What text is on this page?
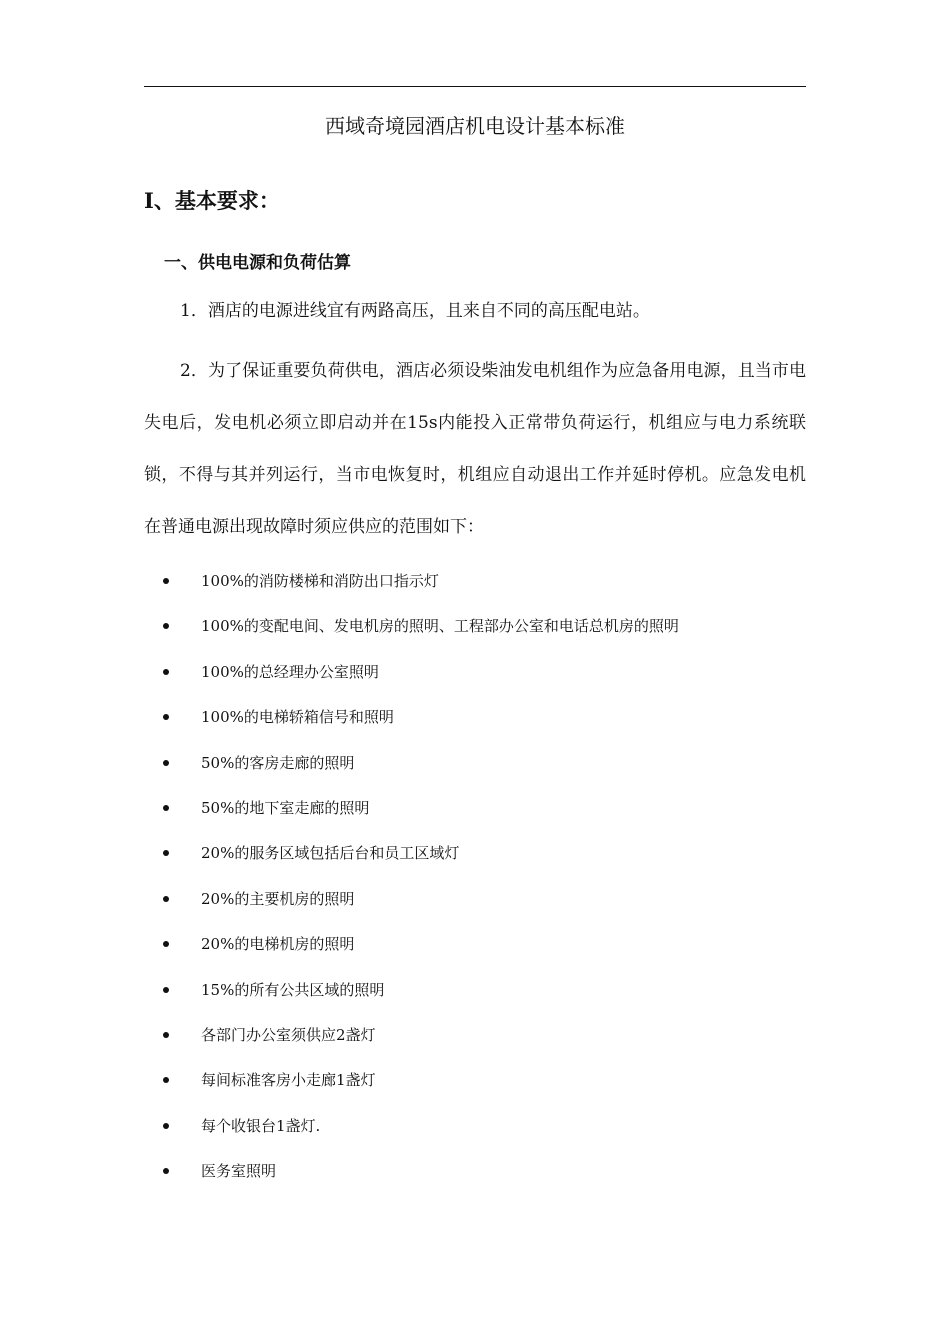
西域奇境园酒店机电设计基本标准
I、基本要求：
一、供电电源和负荷估算
1．酒店的电源进线宜有两路高压，且来自不同的高压配电站。
2．为了保证重要负荷供电，酒店必须设柴油发电机组作为应急备用电源，且当市电失电后，发电机必须立即启动并在15s内能投入正常带负荷运行，机组应与电力系统联锁，不得与其并列运行，当市电恢复时，机组应自动退出工作并延时停机。应急发电机在普通电源出现故障时须应供应的范围如下：
100%的消防楼梯和消防出口指示灯
100%的变配电间、发电机房的照明、工程部办公室和电话总机房的照明
100%的总经理办公室照明
100%的电梯轿箱信号和照明
50%的客房走廊的照明
50%的地下室走廊的照明
20%的服务区域包括后台和员工区域灯
20%的主要机房的照明
20%的电梯机房的照明
15%的所有公共区域的照明
各部门办公室须供应2盏灯
每间标准客房小走廊1盏灯
每个收银台1盏灯.
医务室照明
